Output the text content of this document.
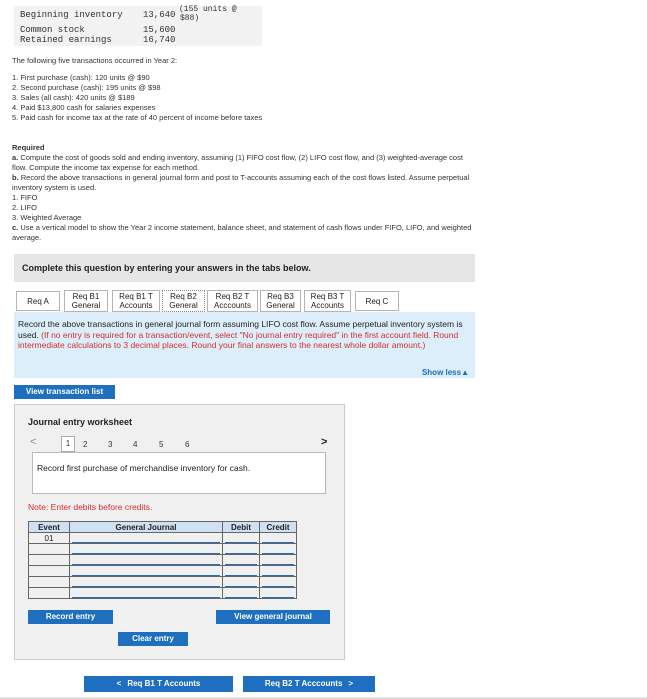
Beginning inventory 13,640
(155 units @
$88)
Common stock	15,600
Retained earnings	16,740
The following five transactions occurred in Year 2:
1. First purchase (cash): 120 units @ $90
2. Second purchase (cash): 195 units @ $98
3. Sales (all cash): 420 units @ $189
4. Paid $13,800 cash for salaries expenses
5. Paid cash for income tax at the rate of 40 percent of income before taxes
Required
a. Compute the cost of goods sold and ending inventory, assuming (1) FIFO cost flow, (2) LIFO cost flow, and (3) weighted-average cost flow. Compute the income tax expense for each method.
b. Record the above transactions in general journal form and post to T-accounts assuming each of the cost flows listed. Assume perpetual inventory system is used.
1. FIFO
2. LIFO
3. Weighted Average
c. Use a vertical model to show the Year 2 income statement, balance sheet, and statement of cash flows under FIFO, LIFO, and weighted average.
Complete this question by entering your answers in the tabs below.
Req A	Req B1
General
Req B1 T
Accounts
Req B2
General
Req B2 T
Acccounts
Req B3
General
Req B3 T
Accounts	Req C
Record the above transactions in general journal form assuming LIFO cost flow. Assume perpetual inventory system is used. (If no entry is required for a transaction/event, select "No journal entry required" in the first account field. Round intermediate calculations to 3 decimal places. Round your final answers to the nearest whole dollar amount.)
Show less▲
View transaction list
Journal entry worksheet
<	1	2	3	4	5	6	>
Record first purchase of merchandise inventory for cash.
Note: Enter debits before credits.
Event	General Journal	Debit	Credit
01	

Record entry	View general journal
Clear entry
< Req B1 T Accounts	Req B2 T Acccounts >
